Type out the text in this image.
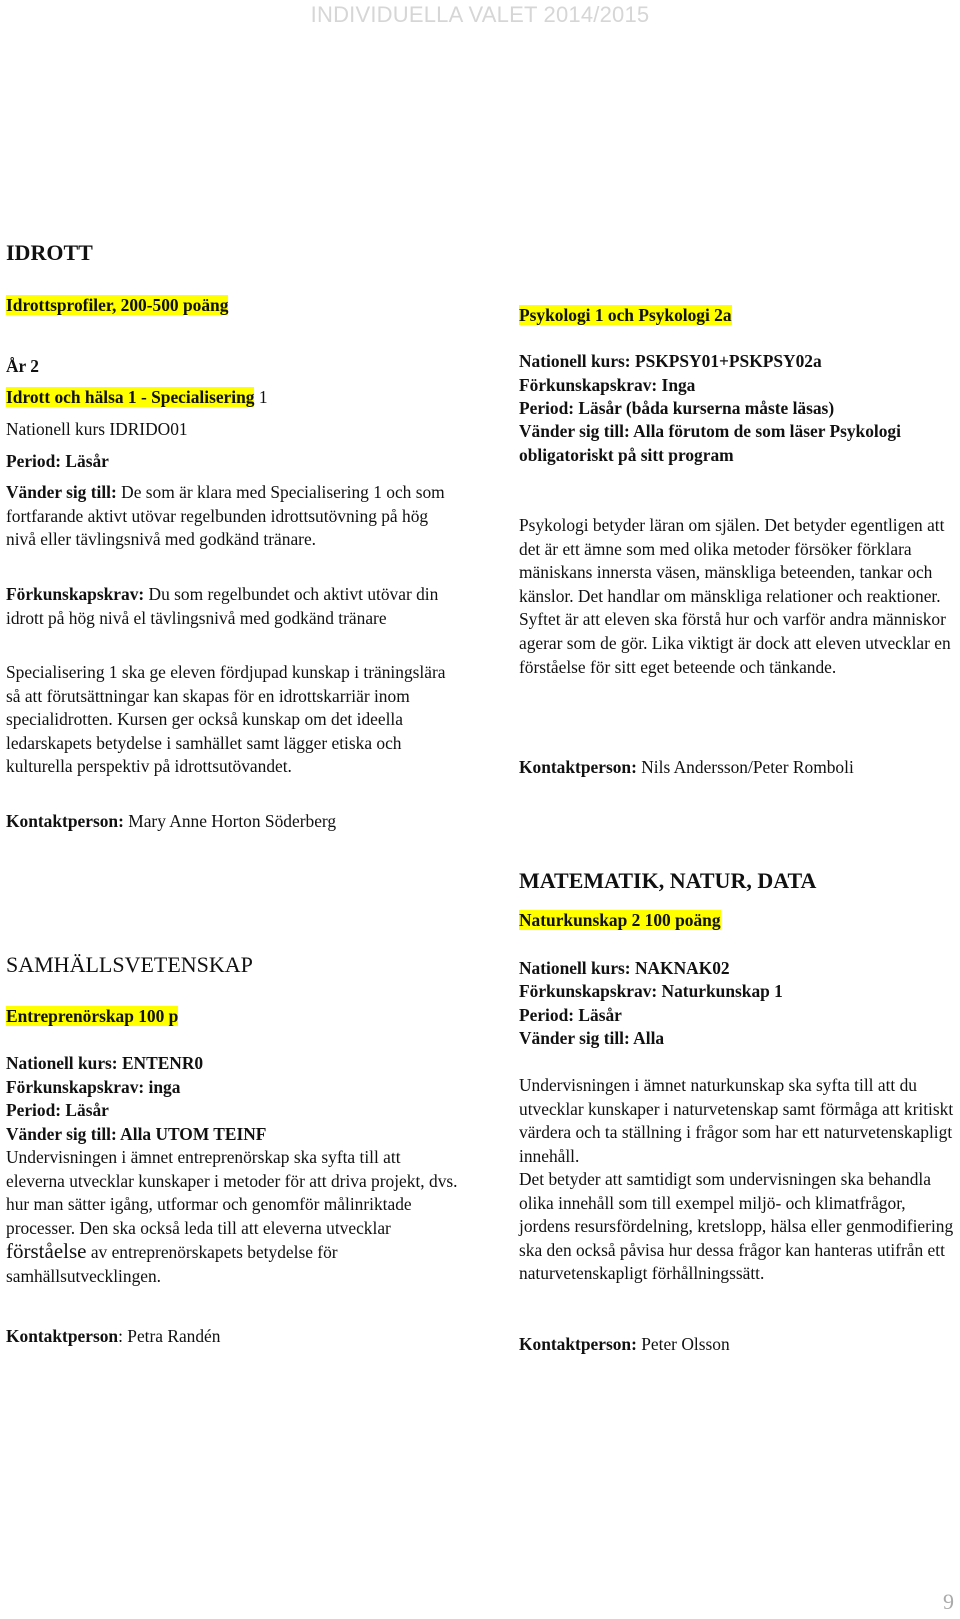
INDIVIDUELLA VALET 2014/2015
IDROTT
Idrottsprofiler, 200-500 poäng
År 2
Idrott och hälsa 1 - Specialisering 1
Nationell kurs IDRIDO01
Period: Läsår

Vänder sig till: De som är klara med Specialisering 1 och som fortfarande aktivt utövar regelbunden idrottsutövning på hög nivå eller tävlingsnivå med godkänd tränare.

Förkunskapskrav: Du som regelbundet och aktivt utövar din idrott på hög nivå el tävlingsnivå med godkänd tränare

Specialisering 1 ska ge eleven fördjupad kunskap i träningslära så att förutsättningar kan skapas för en idrottskarriär inom specialidrotten. Kursen ger också kunskap om det ideella ledarskapets betydelse i samhället samt lägger etiska och kulturella perspektiv på idrottsutövandet.

Kontaktperson: Mary Anne Horton Söderberg

SAMHÄLLSVETENSKAP
Entreprenörskap 100 p
Nationell kurs: ENTENR0
Förkunskapskrav: inga
Period: Läsår
Vänder sig till: Alla UTOM TEINF

Undervisningen i ämnet entreprenörskap ska syfta till att eleverna utvecklar kunskaper i metoder för att driva projekt, dvs. hur man sätter igång, utformar och genomför målinriktade processer. Den ska också leda till att eleverna utvecklar förståelse av entreprenörskapets betydelse för samhällsutvecklingen.

Kontaktperson: Petra Randén

Psykologi 1 och Psykologi 2a
Nationell kurs: PSKPSY01+PSKPSY02a
Förkunskapskrav: Inga
Period: Läsår (båda kurserna måste läsas)

Vänder sig till: Alla förutom de som läser Psykologi obligatoriskt på sitt program

Psykologi betyder läran om själen. Det betyder egentligen att det är ett ämne som med olika metoder försöker förklara mäniskans innersta väsen, mänskliga beteenden, tankar och känslor. Det handlar om mänskliga relationer och reaktioner. Syftet är att eleven ska förstå hur och varför andra människor agerar som de gör. Lika viktigt är dock att eleven utvecklar en förståelse för sitt eget beteende och tänkande.

Kontaktperson: Nils Andersson/Peter Romboli

MATEMATIK, NATUR, DATA
Naturkunskap 2 100 poäng
Nationell kurs: NAKNAK02
Förkunskapskrav: Naturkunskap 1
Period: Läsår
Vänder sig till: Alla

Undervisningen i ämnet naturkunskap ska syfta till att du utvecklar kunskaper i naturvetenskap samt förmåga att kritiskt värdera och ta ställning i frågor som har ett naturvetenskapligt innehåll.

Det betyder att samtidigt som undervisningen ska behandla olika innehåll som till exempel miljö- och klimatfrågor, jordens resursfördelning, kretslopp, hälsa eller genmodifiering ska den också påvisa hur dessa frågor kan hanteras utifrån ett naturvetenskapligt förhållningssätt.

Kontaktperson: Peter Olsson

9
